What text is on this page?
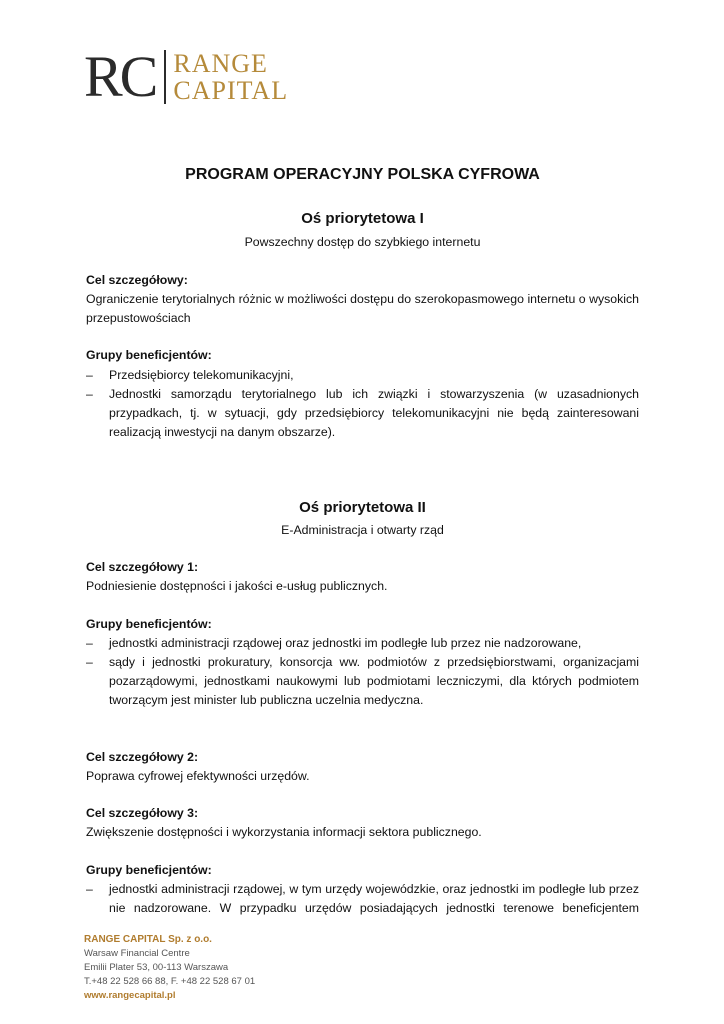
RC RANGE
CAPITAL
PROGRAM OPERACYJNY POLSKA CYFROWA
Oś priorytetowa I
Powszechny dostęp do szybkiego internetu
Cel szczegółowy:
Ograniczenie terytorialnych różnic w możliwości dostępu do szerokopasmowego internetu o wysokich przepustowościach
Grupy beneficjentów:
– Przedsiębiorcy telekomunikacyjni,
– Jednostki samorządu terytorialnego lub ich związki i stowarzyszenia (w uzasadnionych przypadkach, tj. w sytuacji, gdy przedsiębiorcy telekomunikacyjni nie będą zainteresowani realizacją inwestycji na danym obszarze).
Oś priorytetowa II
E-Administracja i otwarty rząd
Cel szczegółowy 1:
Podniesienie dostępności i jakości e-usług publicznych.
Grupy beneficjentów:
– jednostki administracji rządowej oraz jednostki im podległe lub przez nie nadzorowane,
– sądy i jednostki prokuratury, konsorcja ww. podmiotów z przedsiębiorstwami, organizacjami pozarządowymi, jednostkami naukowymi lub podmiotami leczniczymi, dla których podmiotem tworzącym jest minister lub publiczna uczelnia medyczna.
Cel szczegółowy 2:
Poprawa cyfrowej efektywności urzędów.
Cel szczegółowy 3:
Zwiększenie dostępności i wykorzystania informacji sektora publicznego.
Grupy beneficjentów:
– jednostki administracji rządowej, w tym urzędy wojewódzkie, oraz jednostki im podległe lub przez nie nadzorowane. W przypadku urzędów posiadających jednostki terenowe beneficjentem
RANGE CAPITAL Sp. z o.o.
Warsaw Financial Centre
Emilii Plater 53, 00-113 Warszawa
T.+48 22 528 66 88, F. +48 22 528 67 01
www.rangecapital.pl
